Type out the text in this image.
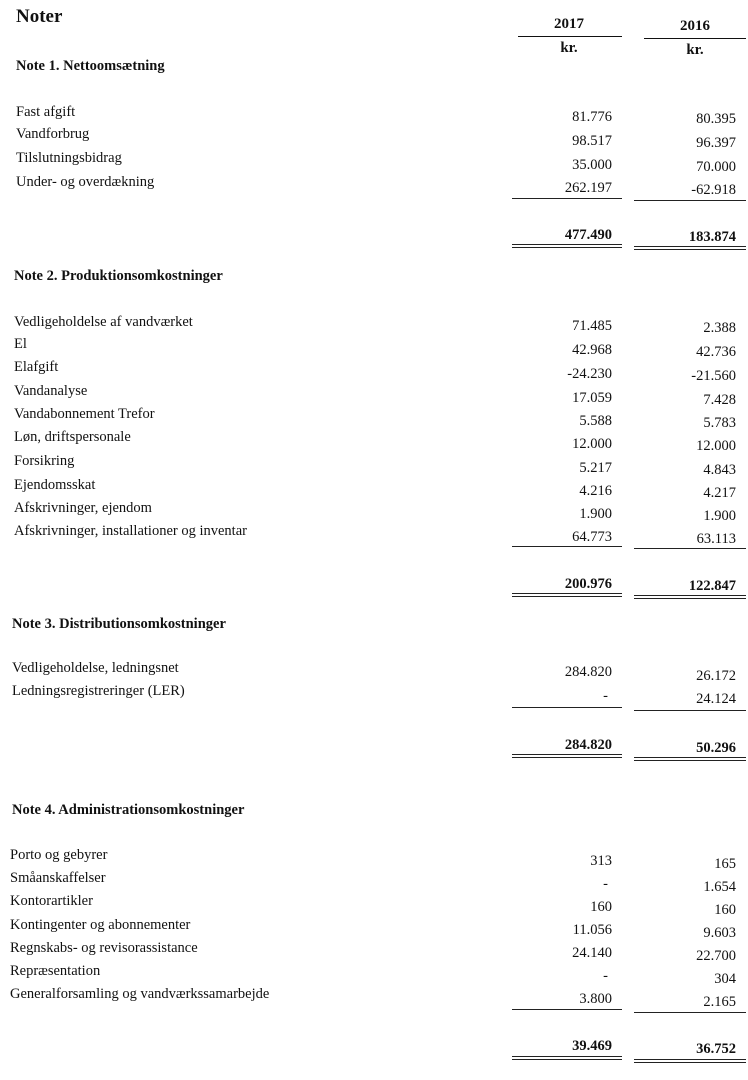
Noter	2017	2016
kr.	kr.
Note 1. Nettoomsætning
Fast afgift	81.776	80.395
Vandforbrug	98.517	96.397
Tilslutningsbidrag	35.000	70.000
Under- og overdækning	262.197	-62.918
477.490	183.874
Note 2. Produktionsomkostninger
Vedligeholdelse af vandværket	71.485	2.388
El	42.968	42.736
Elafgift	-24.230	-21.560
Vandanalyse	17.059	7.428
Vandabonnement Trefor	5.588	5.783
Løn, driftspersonale	12.000	12.000
Forsikring	5.217	4.843
Ejendomsskat	4.216	4.217
Afskrivninger, ejendom	1.900	1.900
Afskrivninger, installationer og inventar	64.773	63.113
200.976	122.847
Note 3. Distributionsomkostninger
Vedligeholdelse, ledningsnet	284.820	26.172
Ledningsregistreringer (LER)	-	24.124
284.820	50.296
Note 4. Administrationsomkostninger
Porto og gebyrer	313	165
Småanskaffelser	-	1.654
Kontorartikler	160	160
Kontingenter og abonnementer	11.056	9.603
Regnskabs- og revisorassistance	24.140	22.700
Repræsentation	-	304
Generalforsamling og vandværkssamarbejde	3.800	2.165
39.469	36.752
